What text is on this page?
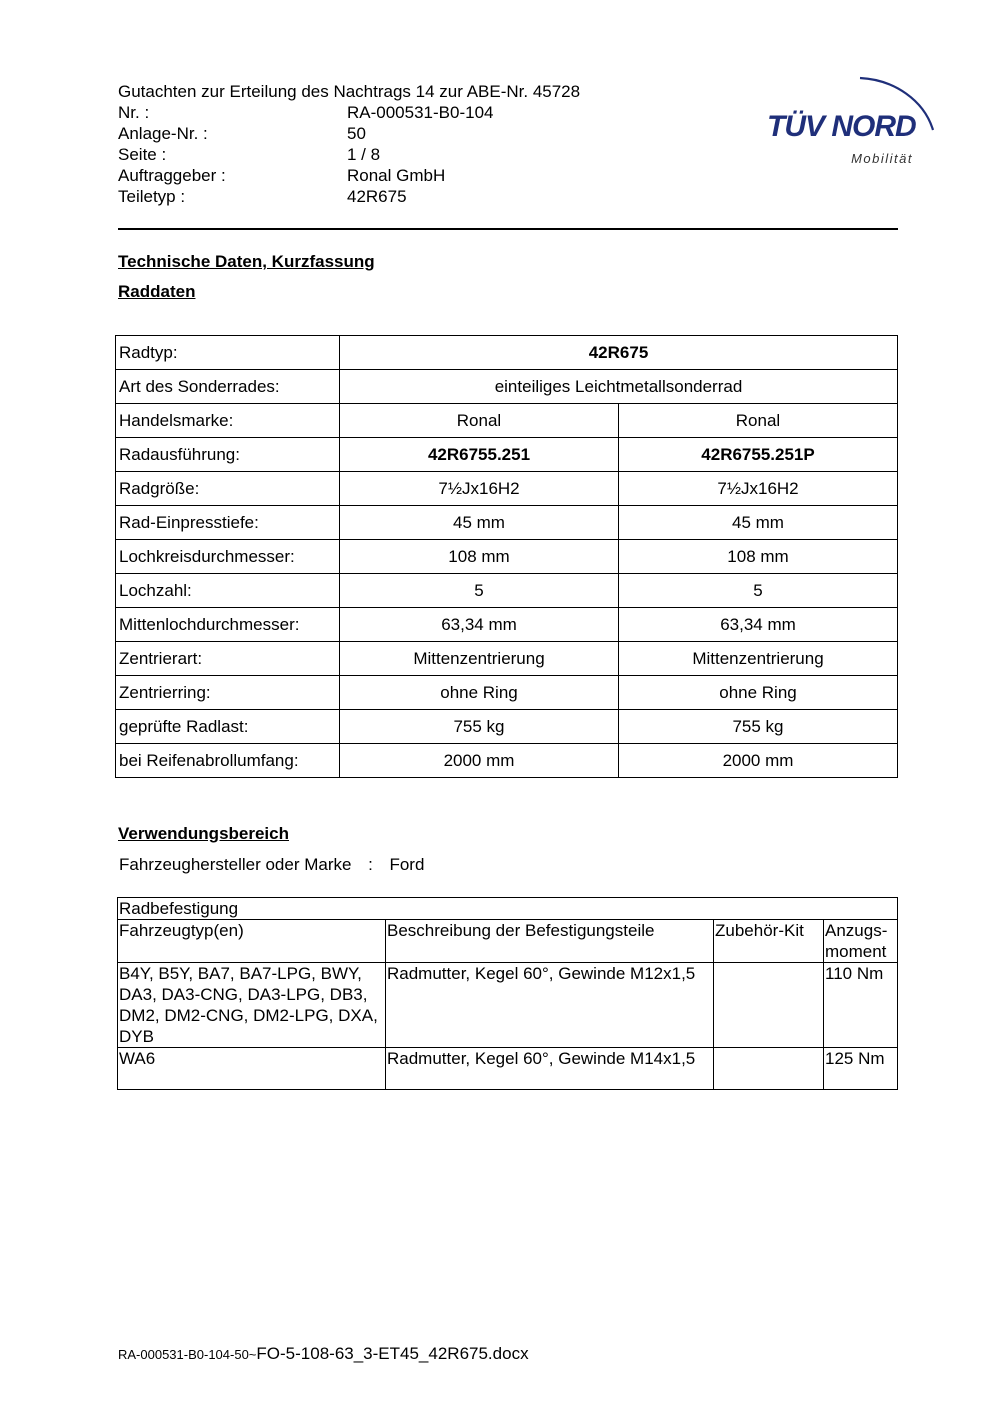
Gutachten zur Erteilung des Nachtrags 14 zur ABE-Nr. 45728
Nr. :	RA-000531-B0-104
Anlage-Nr. :	50
Seite :	1 / 8
Auftraggeber :	Ronal GmbH
Teiletyp :	42R675
TÜV NORD
Mobilität
Technische Daten, Kurzfassung
Raddaten
Radtyp:	42R675	
Art des Sonderrades:	einteiliges Leichtmetallsonderrad	
Handelsmarke:	Ronal	Ronal
Radausführung:	42R6755.251	42R6755.251P
Radgröße:	7½Jx16H2	7½Jx16H2
Rad-Einpresstiefe:	45 mm	45 mm
Lochkreisdurchmesser:	108 mm	108 mm
Lochzahl:	5	5
Mittenlochdurchmesser:	63,34 mm	63,34 mm
Zentrierart:	Mittenzentrierung	Mittenzentrierung
Zentrierring:	ohne Ring	ohne Ring
geprüfte Radlast:	755 kg	755 kg
bei Reifenabrollumfang:	2000 mm	2000 mm
Verwendungsbereich
Fahrzeughersteller oder Marke : Ford
Radbefestigung			
Fahrzeugtyp(en)	Beschreibung der Befestigungsteile	Zubehör-Kit	Anzugs-moment
B4Y, B5Y, BA7, BA7-LPG, BWY, DA3, DA3-CNG, DA3-LPG, DB3, DM2, DM2-CNG, DM2-LPG, DXA, DYB	Radmutter, Kegel 60°, Gewinde M12x1,5		110 Nm
WA6	Radmutter, Kegel 60°, Gewinde M14x1,5		125 Nm
RA-000531-B0-104-50~FO-5-108-63_3-ET45_42R675.docx
